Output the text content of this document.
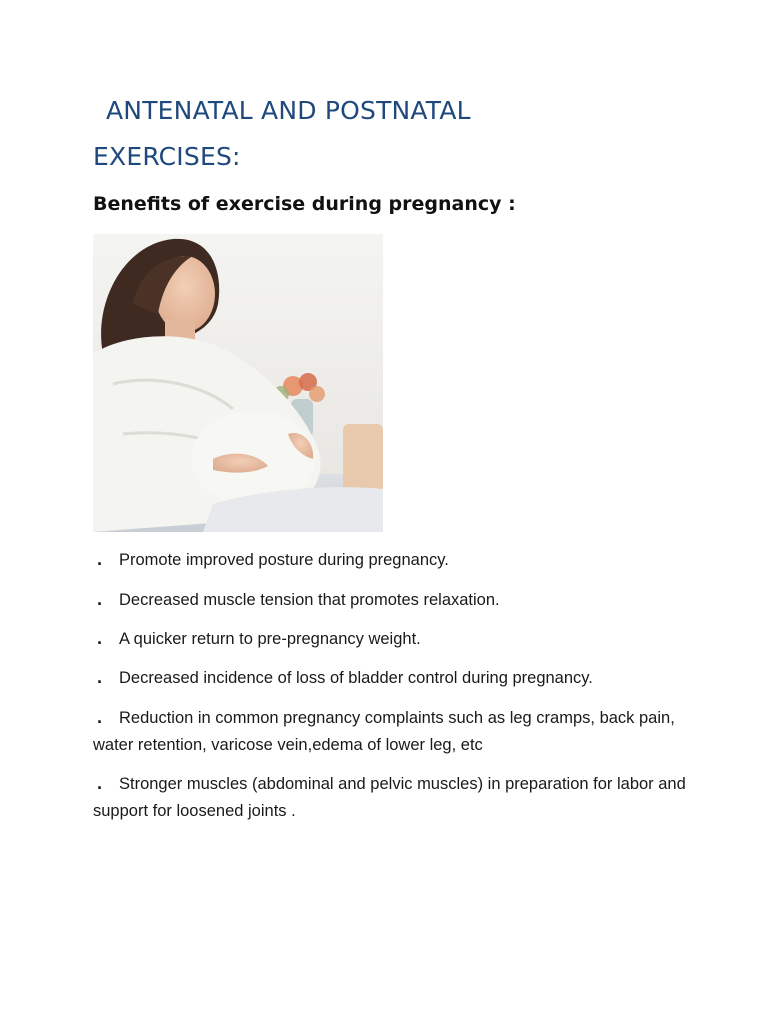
ANTENATAL AND POSTNATAL
EXERCISES:
Benefits of exercise during pregnancy :
. Promote improved posture during pregnancy.
. Decreased muscle tension that promotes relaxation.
. A quicker return to pre-pregnancy weight.
. Decreased incidence of loss of bladder control during pregnancy.
. Reduction in common pregnancy complaints such as leg cramps, back pain, water retention, varicose vein,edema of lower leg, etc
. Stronger muscles (abdominal and pelvic muscles) in preparation for labor and support for loosened joints .
